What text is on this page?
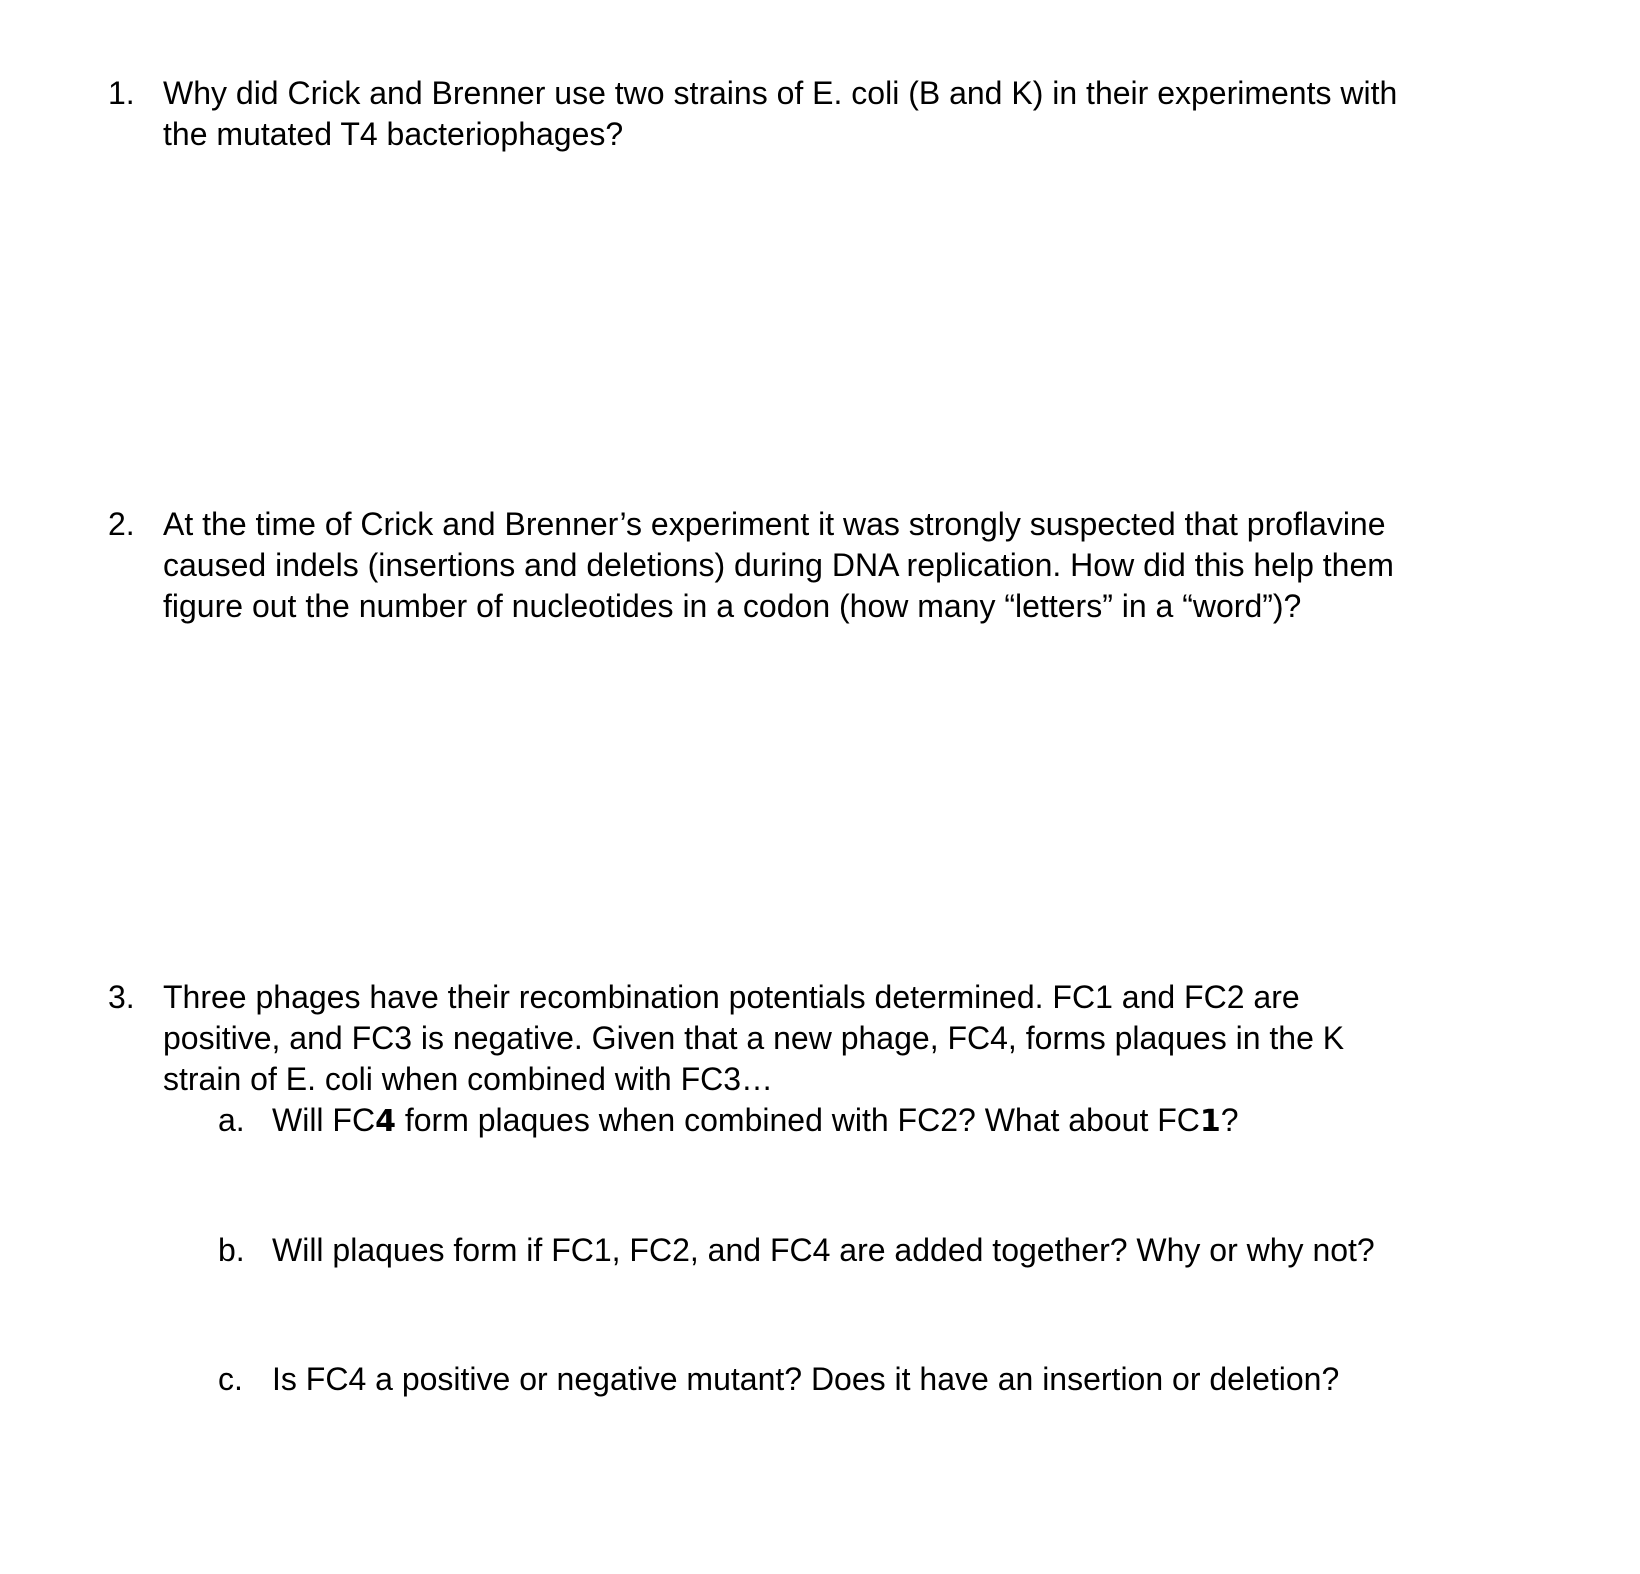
1. Why did Crick and Brenner use two strains of E. coli (B and K) in their experiments with
the mutated T4 bacteriophages?
2. At the time of Crick and Brenner’s experiment it was strongly suspected that proflavine
caused indels (insertions and deletions) during DNA replication. How did this help them
figure out the number of nucleotides in a codon (how many “letters” in a “word”)?
3. Three phages have their recombination potentials determined. FC1 and FC2 are
positive, and FC3 is negative. Given that a new phage, FC4, forms plaques in the K
strain of E. coli when combined with FC3…
a. Will FC4 form plaques when combined with FC2? What about FC1?
b. Will plaques form if FC1, FC2, and FC4 are added together? Why or why not?
c. Is FC4 a positive or negative mutant? Does it have an insertion or deletion?
